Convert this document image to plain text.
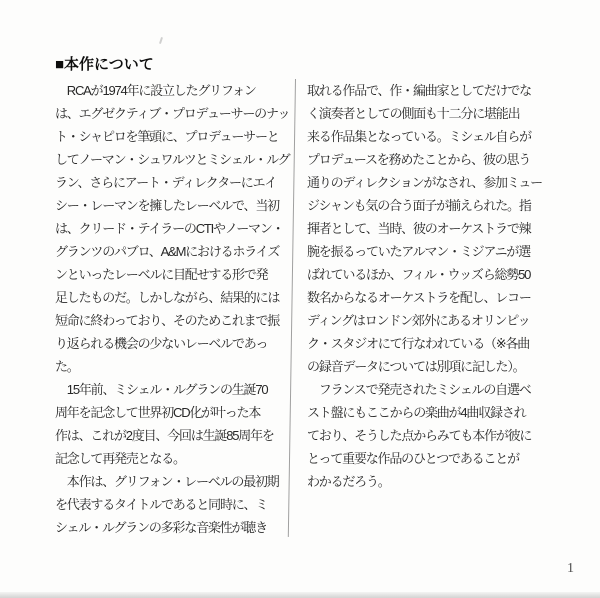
■本作について
　RCAが1974年に設立したグリフォン
は、エグゼクティブ・プロデューサーのナッ
ト・シャピロを筆頭に、プロデューサーと
してノーマン・シュワルツとミシェル・ルグ
ラン、さらにアート・ディレクターにエイ
シー・レーマンを擁したレーベルで、当初
は、クリード・テイラーのCTIやノーマン・
グランツのパブロ、A&Mにおけるホライズ
ンといったレーベルに目配せする形で発
足したものだ。しかしながら、結果的には
短命に終わっており、そのためこれまで振
り返られる機会の少ないレーベルであっ
た。
　15年前、ミシェル・ルグランの生誕70
周年を記念して世界初CD化が叶った本
作は、これが2度目、今回は生誕85周年を
記念して再発売となる。
　本作は、グリフォン・レーベルの最初期
を代表するタイトルであると同時に、ミ
シェル・ルグランの多彩な音楽性が聴き
取れる作品で、作・編曲家としてだけでな
く演奏者としての側面も十二分に堪能出
来る作品集となっている。ミシェル自らが
プロデュースを務めたことから、彼の思う
通りのディレクションがなされ、参加ミュー
ジシャンも気の合う面子が揃えられた。指
揮者として、当時、彼のオーケストラで辣
腕を振るっていたアルマン・ミジアニが選
ばれているほか、フィル・ウッズら総勢50
数名からなるオーケストラを配し、レコー
ディングはロンドン郊外にあるオリンピッ
ク・スタジオにて行なわれている（※各曲
の録音データについては別項に記した）。
　フランスで発売されたミシェルの自選ベ
スト盤にもここからの楽曲が4曲収録され
ており、そうした点からみても本作が彼に
とって重要な作品のひとつであることが
わかるだろう。
1
